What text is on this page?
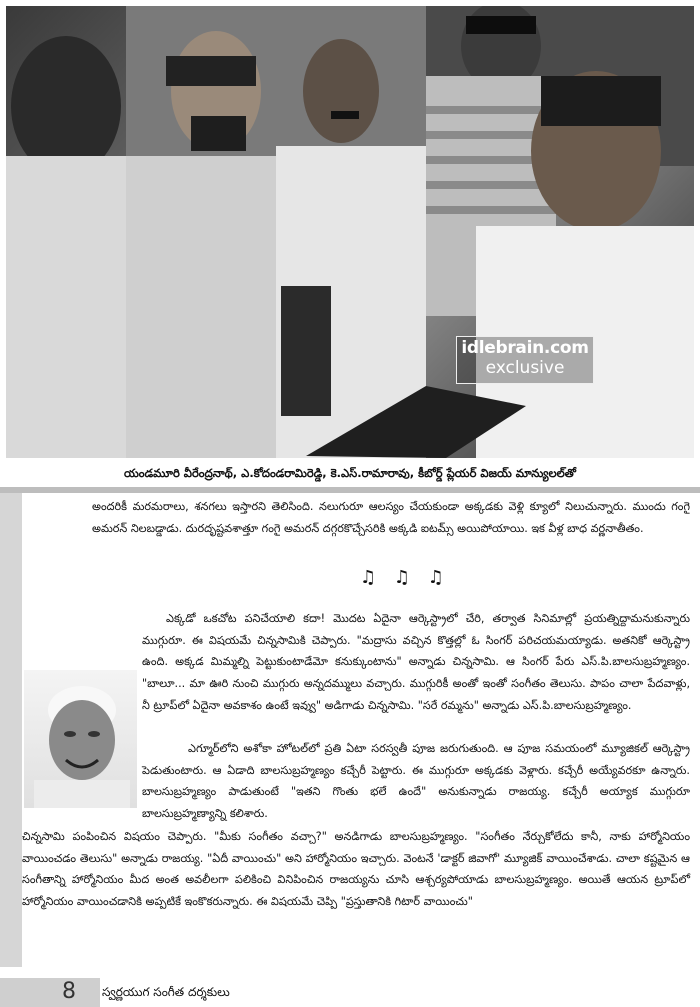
idlebrain.com
exclusive
యండమూరి వీరేంద్రనాథ్, ఎ.కోదండరామిరెడ్డి, కె.ఎస్.రామారావు, కీబోర్డ్ ప్లేయర్ విజయ్ మాన్యులల్‌తో
అందరికీ మరమరాలు, శనగలు ఇస్తారని తెలిసింది. నలుగురూ ఆలస్యం చేయకుండా అక్కడకు వెళ్లి క్యూలో నిలుచున్నారు. ముందు గంగై అమరన్ నిలబడ్డాడు. దురదృష్టవశాత్తూ గంగై అమరన్ దగ్గరకొచ్చేసరికి అక్కడి ఐటమ్స్ అయిపోయాయి. ఇక వీళ్ల బాధ వర్ణనాతీతం.
♫ ♫ ♫
ఎక్కడో ఒకచోట పనిచేయాలి కదా! మొదట ఏదైనా ఆర్కెస్ట్రాలో చేరి, తర్వాత సినిమాల్లో ప్రయత్నిద్దామనుకున్నారు ముగ్గురూ. ఈ విషయమే చిన్నసామికి చెప్పారు. "మద్రాసు వచ్చిన కొత్తల్లో ఓ సింగర్ పరిచయమయ్యాడు. అతనికో ఆర్కెస్ట్రా ఉంది. అక్కడ మిమ్మల్ని పెట్టుకుంటాడేమో కనుక్కుంటాను" అన్నాడు చిన్నసామి. ఆ సింగర్ పేరు ఎస్.పి.బాలసుబ్రహ్మణ్యం. "బాలూ... మా ఊరి నుంచి ముగ్గురు అన్నదమ్ములు వచ్చారు. ముగ్గురికీ అంతో ఇంతో సంగీతం తెలుసు. పాపం చాలా పేదవాళ్లు, నీ ట్రూప్‌లో ఏదైనా అవకాశం ఉంటే ఇవ్వు" అడిగాడు చిన్నసామి. "సరే రమ్మను" అన్నాడు ఎస్.పి.బాలసుబ్రహ్మణ్యం.
ఎగ్మూర్‌లోని అశోకా హోటల్‌లో ప్రతి ఏటా సరస్వతీ పూజ జరుగుతుంది. ఆ పూజ సమయంలో మ్యూజికల్ ఆర్కెస్ట్రా పెడుతుంటారు. ఆ ఏడాది బాలసుబ్రహ్మణ్యం కచ్చేరీ పెట్టారు. ఈ ముగ్గురూ అక్కడకు వెళ్లారు. కచ్చేరీ అయ్యేవరకూ ఉన్నారు. బాలసుబ్రహ్మణ్యం పాడుతుంటే "ఇతని గొంతు భలే ఉందే" అనుకున్నాడు రాజయ్య. కచ్చేరీ అయ్యాక ముగ్గురూ బాలసుబ్రహ్మణ్యాన్ని కలిశారు.
చిన్నసామి పంపించిన విషయం చెప్పారు. "మీకు సంగీతం వచ్చా?" అనడిగాడు బాలసుబ్రహ్మణ్యం. "సంగీతం నేర్చుకోలేదు కానీ, నాకు హార్మోనియం వాయించడం తెలుసు" అన్నాడు రాజయ్య. "ఏదీ వాయించు" అని హార్మోనియం ఇచ్చారు. వెంటనే 'డాక్టర్ జివాగో' మ్యూజిక్ వాయించేశాడు. చాలా కష్టమైన ఆ సంగీతాన్ని హార్మోనియం మీద అంత అవలీలగా పలికించి వినిపించిన రాజయ్యను చూసి ఆశ్చర్యపోయాడు బాలసుబ్రహ్మణ్యం. అయితే ఆయన ట్రూప్‌లో హార్మోనియం వాయించడానికి అప్పటికే ఇంకొకరున్నారు. ఈ విషయమే చెప్పి "ప్రస్తుతానికి గిటార్ వాయించు"
8 స్వర్ణయుగ సంగీత దర్శకులు
